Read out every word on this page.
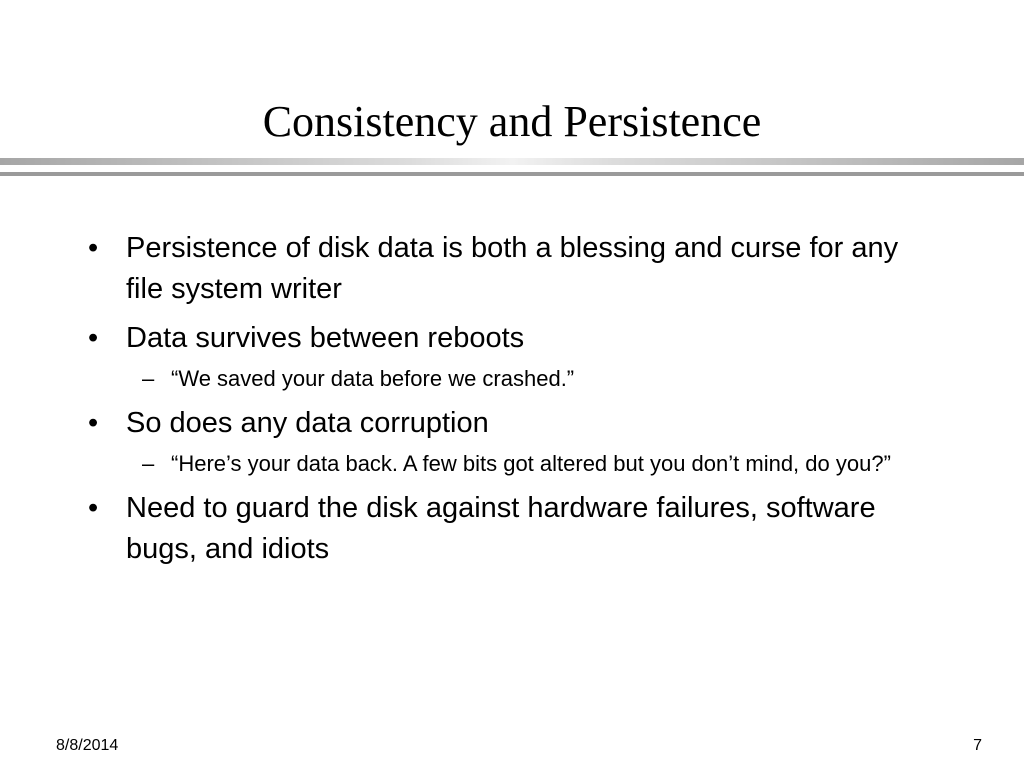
Consistency and Persistence
• Persistence of disk data is both a blessing and curse for any file system writer
• Data survives between reboots
– “We saved your data before we crashed.”
• So does any data corruption
– “Here’s your data back. A few bits got altered but you don’t mind, do you?”
• Need to guard the disk against hardware failures, software bugs, and idiots
8/8/2014	7
